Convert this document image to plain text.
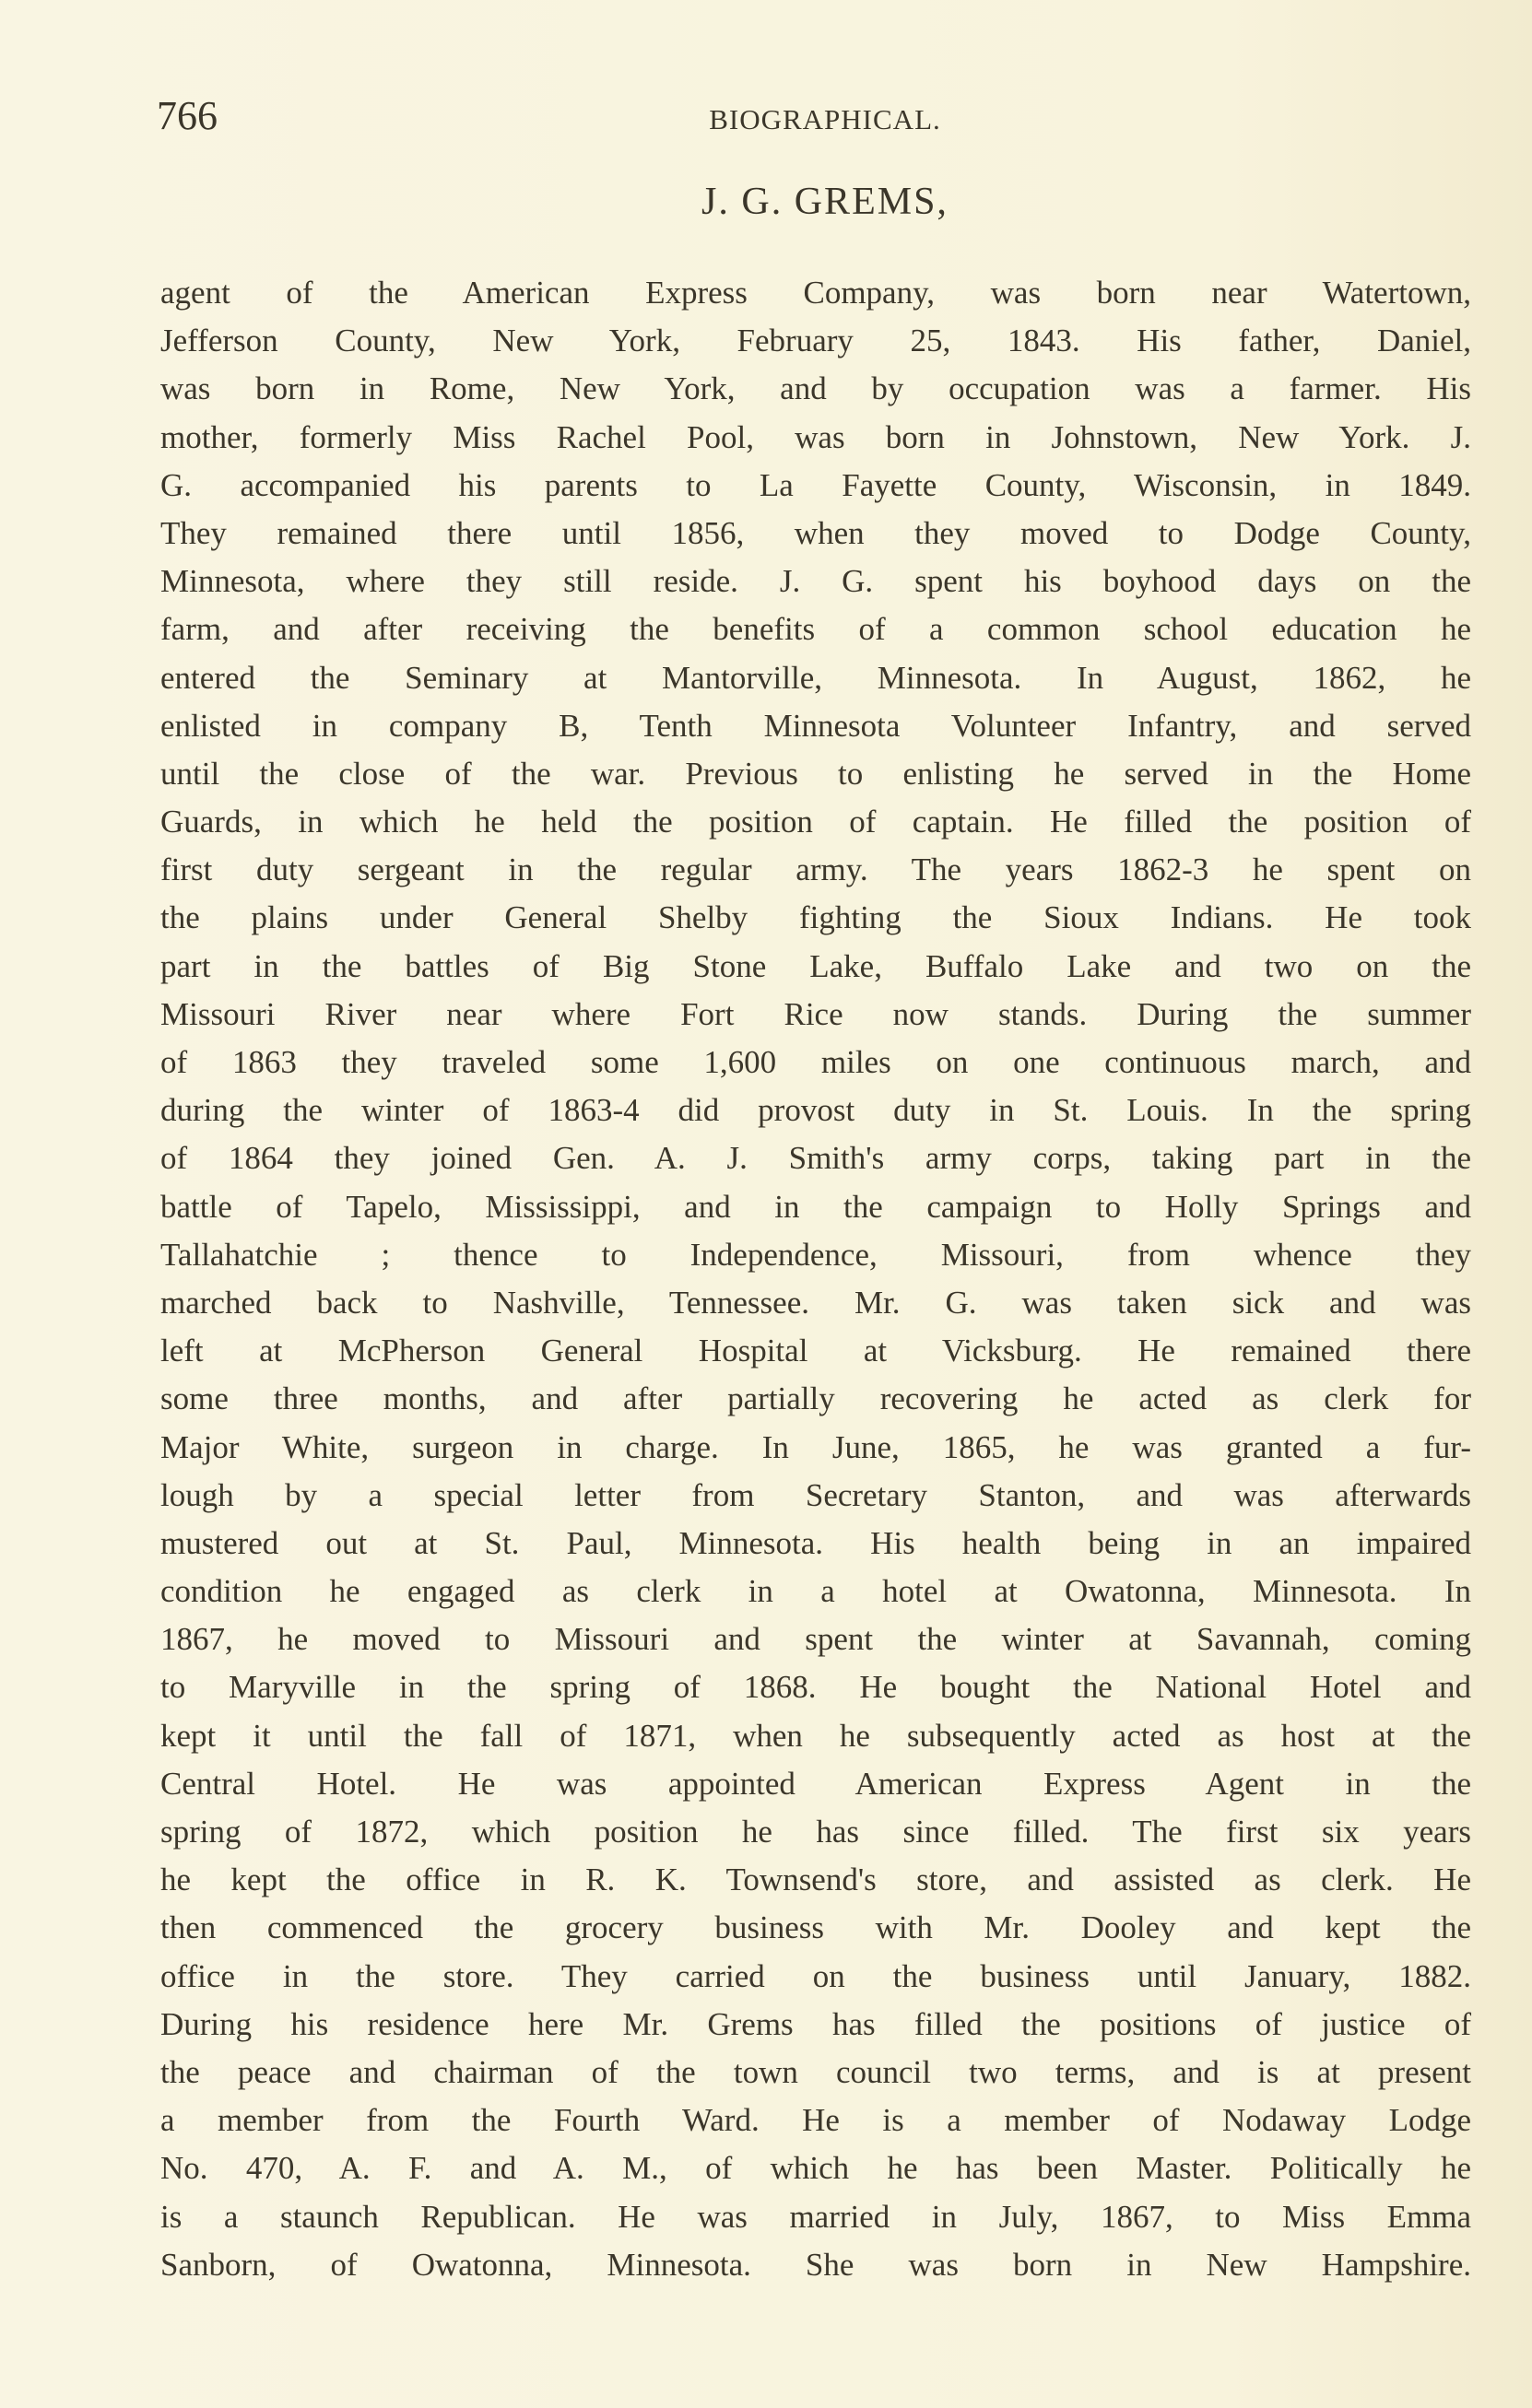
766	BIOGRAPHICAL.
J. G. GREMS,
agent of the American Express Company, was born near Watertown,
Jefferson County, New York, February 25, 1843. His father, Daniel,
was born in Rome, New York, and by occupation was a farmer. His
mother, formerly Miss Rachel Pool, was born in Johnstown, New York. J.
G. accompanied his parents to La Fayette County, Wisconsin, in 1849.
They remained there until 1856, when they moved to Dodge County,
Minnesota, where they still reside. J. G. spent his boyhood days on the
farm, and after receiving the benefits of a common school education he
entered the Seminary at Mantorville, Minnesota. In August, 1862, he
enlisted in company B, Tenth Minnesota Volunteer Infantry, and served
until the close of the war. Previous to enlisting he served in the Home
Guards, in which he held the position of captain. He filled the position of
first duty sergeant in the regular army. The years 1862-3 he spent on
the plains under General Shelby fighting the Sioux Indians. He took
part in the battles of Big Stone Lake, Buffalo Lake and two on the
Missouri River near where Fort Rice now stands. During the summer
of 1863 they traveled some 1,600 miles on one continuous march, and
during the winter of 1863-4 did provost duty in St. Louis. In the spring
of 1864 they joined Gen. A. J. Smith's army corps, taking part in the
battle of Tapelo, Mississippi, and in the campaign to Holly Springs and
Tallahatchie ; thence to Independence, Missouri, from whence they
marched back to Nashville, Tennessee. Mr. G. was taken sick and was
left at McPherson General Hospital at Vicksburg. He remained there
some three months, and after partially recovering he acted as clerk for
Major White, surgeon in charge. In June, 1865, he was granted a fur-
lough by a special letter from Secretary Stanton, and was afterwards
mustered out at St. Paul, Minnesota. His health being in an impaired
condition he engaged as clerk in a hotel at Owatonna, Minnesota. In
1867, he moved to Missouri and spent the winter at Savannah, coming
to Maryville in the spring of 1868. He bought the National Hotel and
kept it until the fall of 1871, when he subsequently acted as host at the
Central Hotel. He was appointed American Express Agent in the
spring of 1872, which position he has since filled. The first six years
he kept the office in R. K. Townsend's store, and assisted as clerk. He
then commenced the grocery business with Mr. Dooley and kept the
office in the store. They carried on the business until January, 1882.
During his residence here Mr. Grems has filled the positions of justice of
the peace and chairman of the town council two terms, and is at present
a member from the Fourth Ward. He is a member of Nodaway Lodge
No. 470, A. F. and A. M., of which he has been Master. Politically he
is a staunch Republican. He was married in July, 1867, to Miss Emma
Sanborn, of Owatonna, Minnesota. She was born in New Hampshire.
